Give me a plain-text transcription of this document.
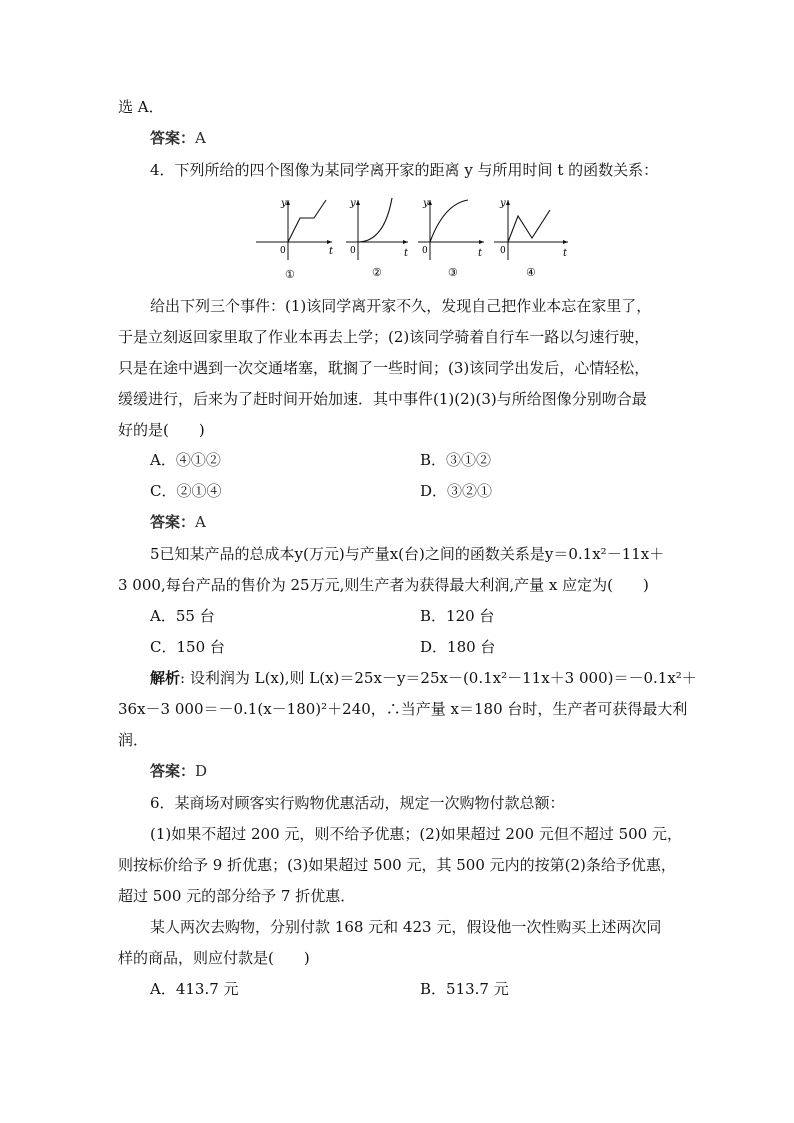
选 A．
答案：A
4．下列所给的四个图像为某同学离开家的距离 y 与所用时间 t 的函数关系：
y
t
0
①
y
t
0
②
y
t
0
③
y
t
0
④
给出下列三个事件：(1)该同学离开家不久，发现自己把作业本忘在家里了，
于是立刻返回家里取了作业本再去上学；(2)该同学骑着自行车一路以匀速行驶，
只是在途中遇到一次交通堵塞，耽搁了一些时间；(3)该同学出发后，心情轻松，
缓缓进行，后来为了赶时间开始加速．其中事件(1)(2)(3)与所给图像分别吻合最
好的是(　　)
A．④①②	B．③①②
C．②①④	D．③②①
答案：A
5已知某产品的总成本y(万元)与产量x(台)之间的函数关系是y＝0.1x²－11x＋
3 000,每台产品的售价为 25万元,则生产者为获得最大利润,产量 x 应定为(　　)
A．55 台	B．120 台
C．150 台	D．180 台
解析: 设利润为 L(x),则 L(x)＝25x－y＝25x－(0.1x²－11x＋3 000)＝－0.1x²＋
36x－3 000＝－0.1(x－180)²＋240，∴当产量 x＝180 台时，生产者可获得最大利
润．
答案：D
6．某商场对顾客实行购物优惠活动，规定一次购物付款总额：
(1)如果不超过 200 元，则不给予优惠；(2)如果超过 200 元但不超过 500 元，
则按标价给予 9 折优惠；(3)如果超过 500 元，其 500 元内的按第(2)条给予优惠，
超过 500 元的部分给予 7 折优惠．
某人两次去购物，分别付款 168 元和 423 元，假设他一次性购买上述两次同
样的商品，则应付款是(　　)
A．413.7 元	B．513.7 元
